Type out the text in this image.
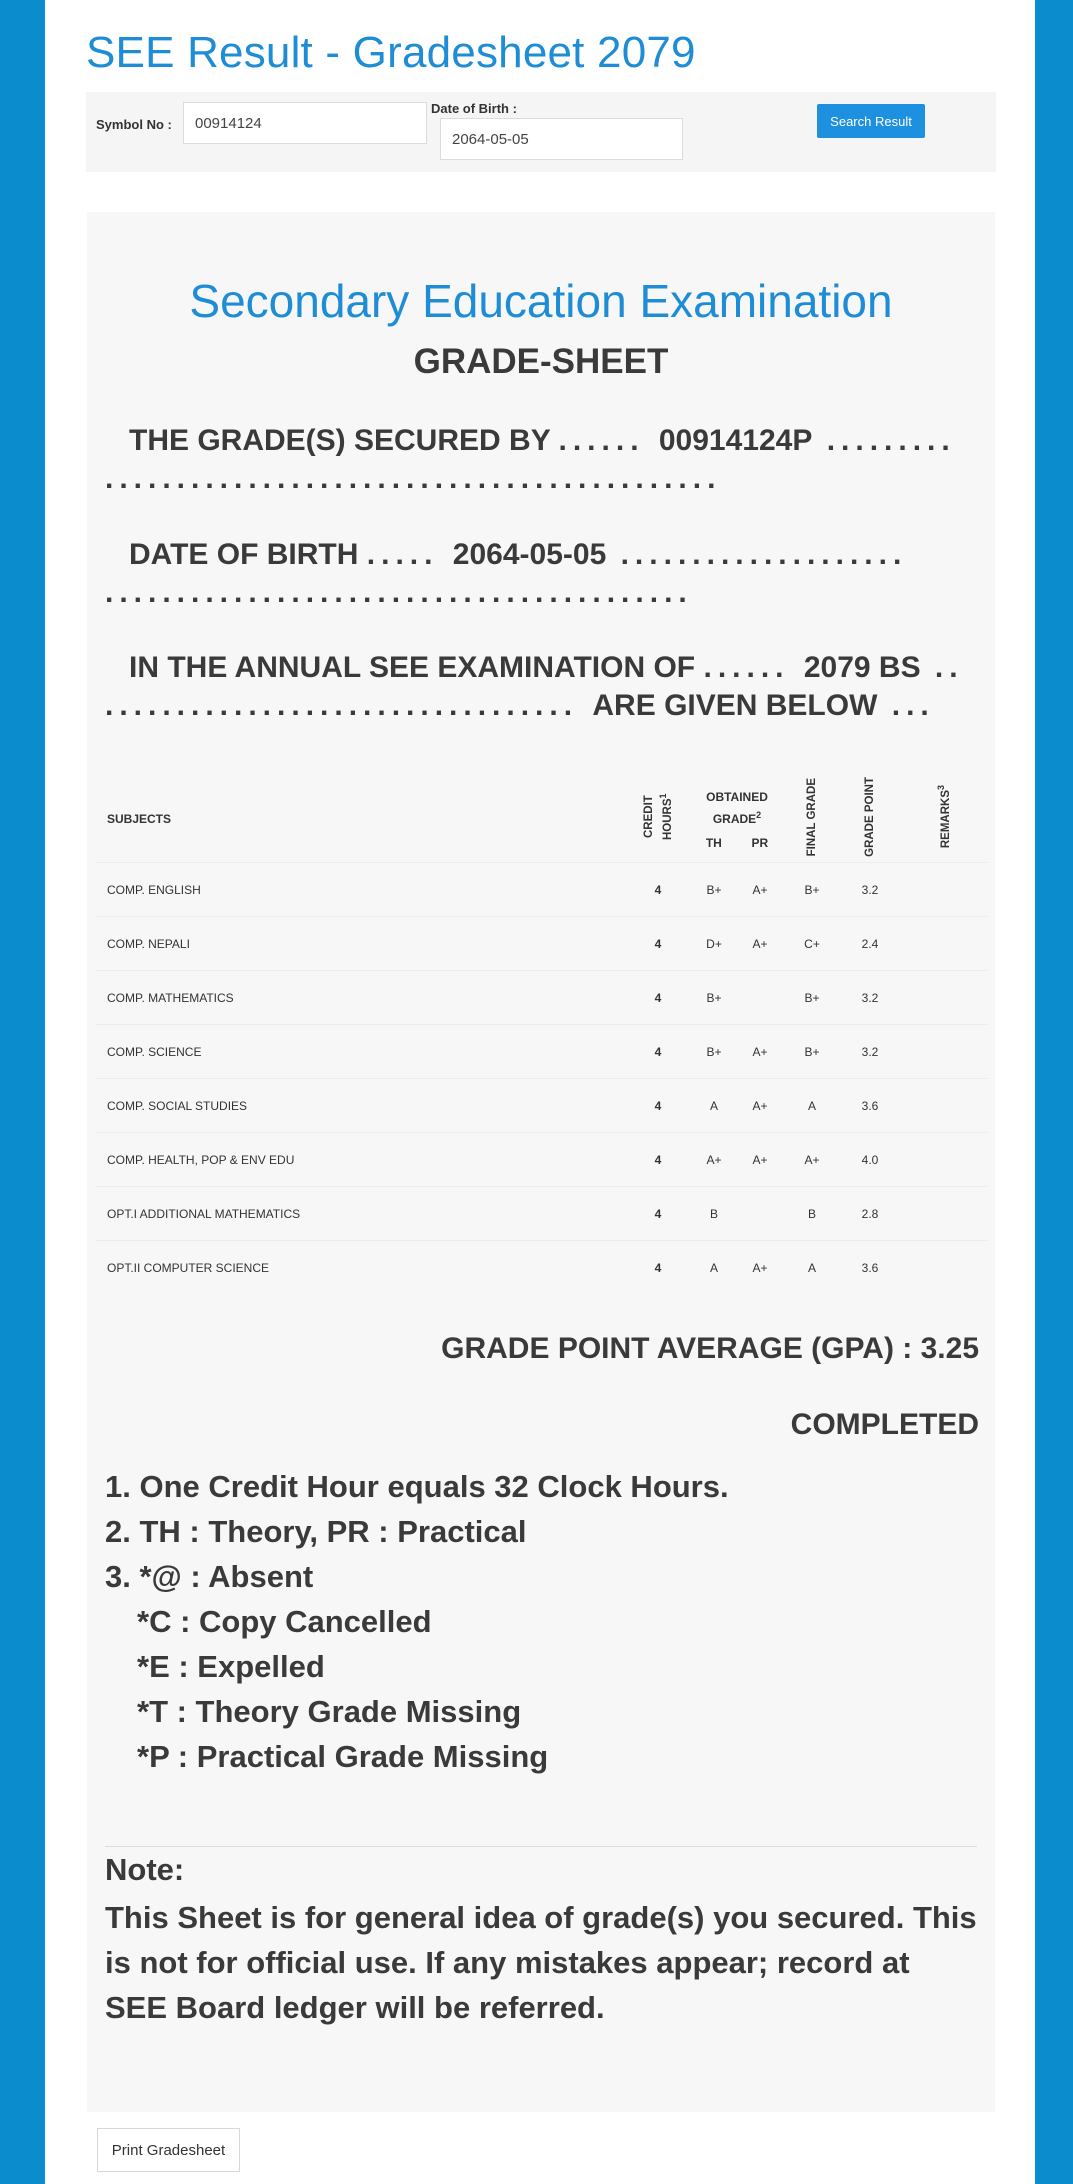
SEE Result - Gradesheet 2079
Symbol No :
00914124
Date of Birth :
2064-05-05
Search Result
Secondary Education Examination
GRADE-SHEET
THE GRADE(S) SECURED BY ...... 00914124P .........
...........................................
DATE OF BIRTH ..... 2064-05-05 ....................
.........................................
IN THE ANNUAL SEE EXAMINATION OF ...... 2079 BS ..
................................. ARE GIVEN BELOW ...
SUBJECTS	CREDIT HOURS$^1$	OBTAINED GRADE$^2$
TH PR		FINAL GRADE	GRADE POINT	REMARKS$^3$
COMP. ENGLISH	4	B+	A+	B+	3.2	
COMP. NEPALI	4	D+	A+	C+	2.4	
COMP. MATHEMATICS	4	B+		B+	3.2	
COMP. SCIENCE	4	B+	A+	B+	3.2	
COMP. SOCIAL STUDIES	4	A	A+	A	3.6	
COMP. HEALTH, POP & ENV EDU	4	A+	A+	A+	4.0	
OPT.I ADDITIONAL MATHEMATICS	4	B		B	2.8	
OPT.II COMPUTER SCIENCE	4	A	A+	A	3.6	
GRADE POINT AVERAGE (GPA) : 3.25
COMPLETED
1. One Credit Hour equals 32 Clock Hours.
2. TH : Theory, PR : Practical
3. *@ : Absent
*C : Copy Cancelled
*E : Expelled
*T : Theory Grade Missing
*P : Practical Grade Missing
Note:
This Sheet is for general idea of grade(s) you secured. This is not for official use. If any mistakes appear; record at SEE Board ledger will be referred.
Print Gradesheet
